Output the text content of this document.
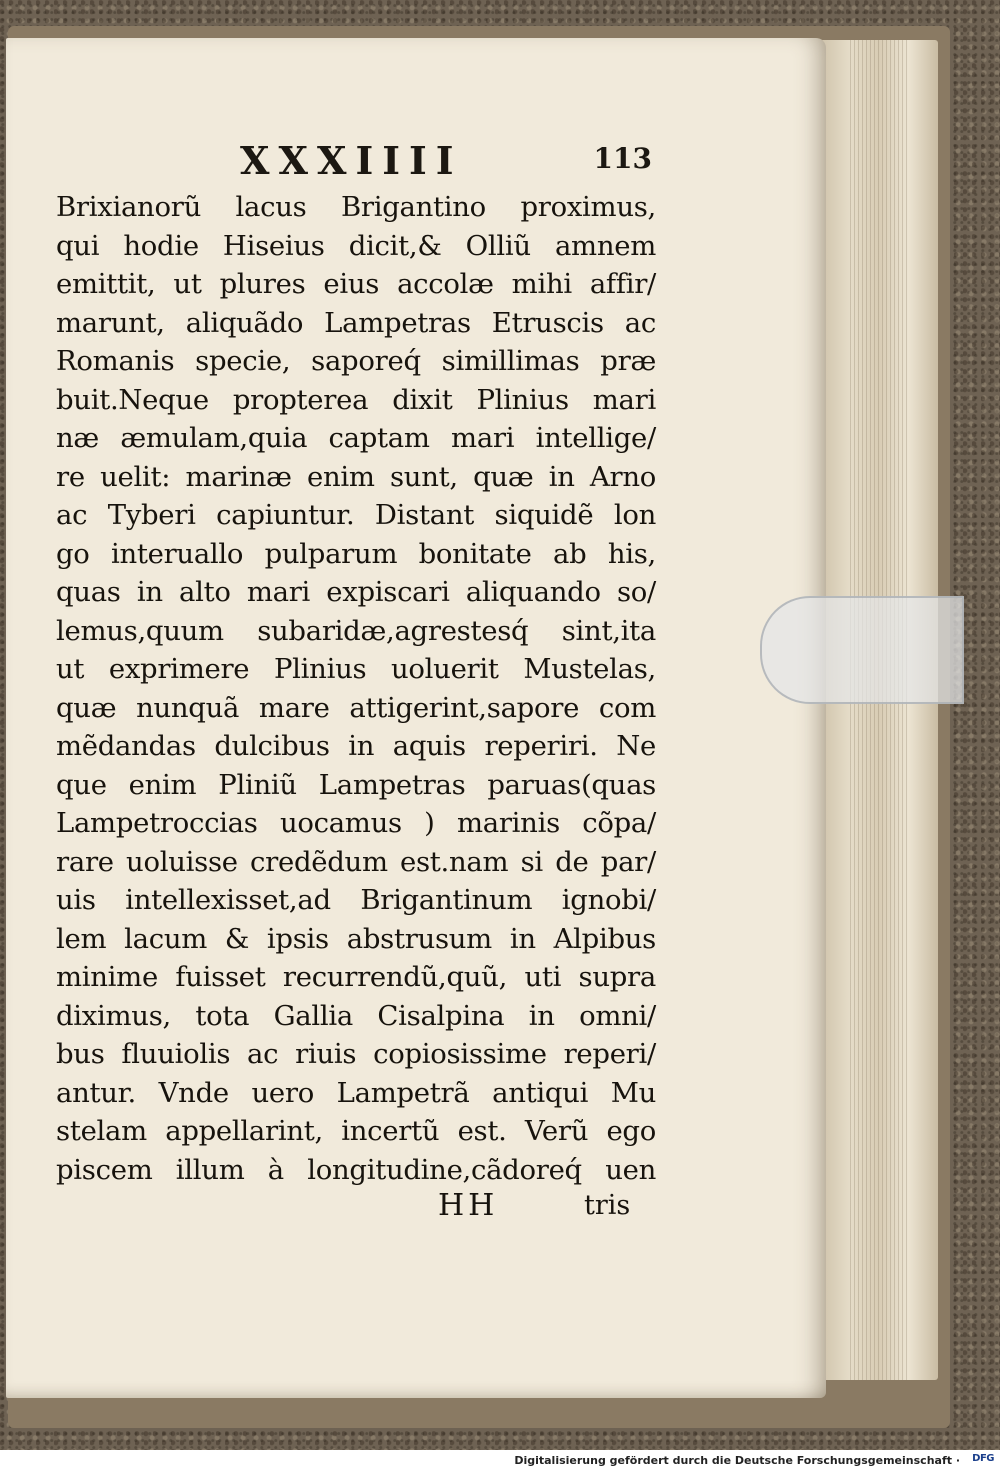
XXXIIII	113
Brixianorũ lacus Brigantino proximus,
qui hodie Hiseius dicit,& Olliũ amnem
emittit, ut plures eius accolæ mihi affir/
marunt, aliquãdo Lampetras Etruscis ac
Romanis specie, saporeq́ simillimas præ
buit.Neque propterea dixit Plinius mari
næ æmulam,quia captam mari intellige/
re uelit: marinæ enim sunt, quæ in Arno
ac Tyberi capiuntur. Distant siquidẽ lon
go interuallo pulparum bonitate ab his,
quas in alto mari expiscari aliquando so/
lemus,quum subaridæ,agrestesq́ sint,ita
ut exprimere Plinius uoluerit Mustelas,
quæ nunquã mare attigerint,sapore com
mẽdandas dulcibus in aquis reperiri. Ne
que enim Pliniũ Lampetras paruas(quas
Lampetroccias uocamus ) marinis cõpa/
rare uoluisse credẽdum est.nam si de par/
uis intellexisset,ad Brigantinum ignobi/
lem lacum & ipsis abstrusum in Alpibus
minime fuisset recurrendũ,quũ, uti supra
diximus, tota Gallia Cisalpina in omni/
bus fluuiolis ac riuis copiosissime reperi/
antur. Vnde uero Lampetrã antiqui Mu
stelam appellarint, incertũ est. Verũ ego
piscem illum à longitudine,cãdoreq́ uen
HH	tris
Digitalisierung gefördert durch die Deutsche Forschungsgemeinschaft · DFG
